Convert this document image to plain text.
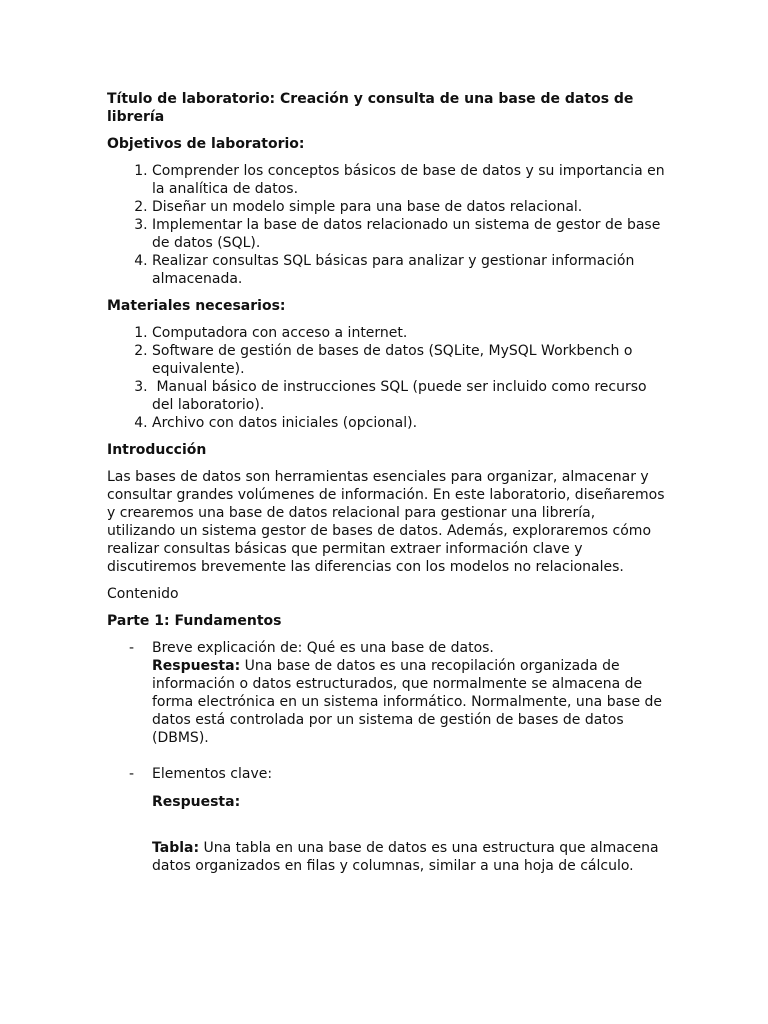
Título de laboratorio: Creación y consulta de una base de datos de librería
Objetivos de laboratorio:
1. Comprender los conceptos básicos de base de datos y su importancia en la analítica de datos.
2. Diseñar un modelo simple para una base de datos relacional.
3. Implementar la base de datos relacionado un sistema de gestor de base de datos (SQL).
4. Realizar consultas SQL básicas para analizar y gestionar información almacenada.
Materiales necesarios:
1. Computadora con acceso a internet.
2. Software de gestión de bases de datos (SQLite, MySQL Workbench o equivalente).
3.  Manual básico de instrucciones SQL (puede ser incluido como recurso del laboratorio).
4. Archivo con datos iniciales (opcional).
Introducción

Las bases de datos son herramientas esenciales para organizar, almacenar y consultar grandes volúmenes de información. En este laboratorio, diseñaremos y crearemos una base de datos relacional para gestionar una librería, utilizando un sistema gestor de bases de datos. Además, exploraremos cómo realizar consultas básicas que permitan extraer información clave y discutiremos brevemente las diferencias con los modelos no relacionales.

Contenido

Parte 1: Fundamentos
- Breve explicación de: Qué es una base de datos.
Respuesta: Una base de datos es una recopilación organizada de información o datos estructurados, que normalmente se almacena de forma electrónica en un sistema informático. Normalmente, una base de datos está controlada por un sistema de gestión de bases de datos (DBMS).
- Elementos clave:
Respuesta:
Tabla: Una tabla en una base de datos es una estructura que almacena datos organizados en filas y columnas, similar a una hoja de cálculo.
